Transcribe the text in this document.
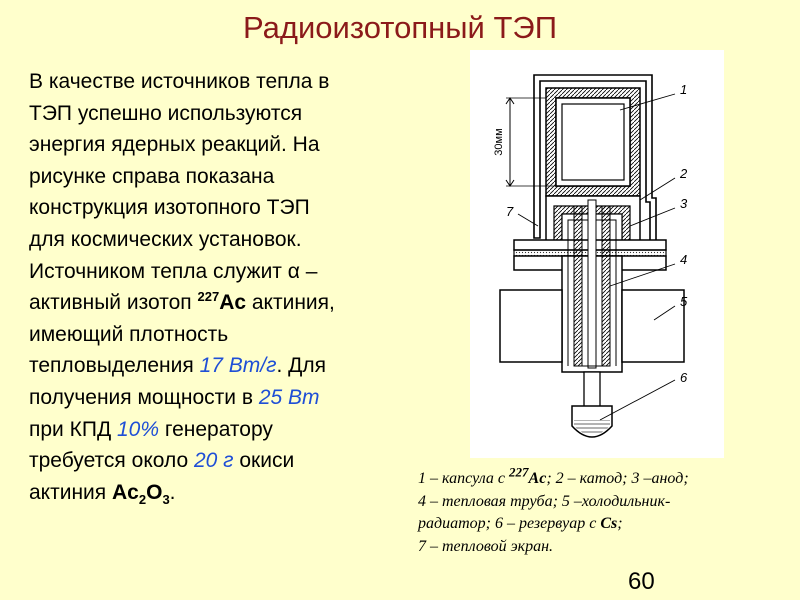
Радиоизотопный ТЭП
В качестве источников тепла в
ТЭП успешно используются
энергия ядерных реакций. На
рисунке справа показана
конструкция изотопного ТЭП
для космических установок.
Источником тепла служит α –
активный изотоп $^{227}$Ac актиния,
имеющий плотность
тепловыделения 17 Вт/г. Для
получения мощности в 25 Вт
при КПД 10% генератору
требуется около 20 г окиси
актиния $Ac_2O_3$.
30мм
1
2
3
4
5
6
7
1 – капсула с $^{227}$Ac; 2 – катод; 3 –анод;
4 – тепловая труба; 5 –холодильник-
радиатор; 6 – резервуар с Cs;
7 – тепловой экран.
60
